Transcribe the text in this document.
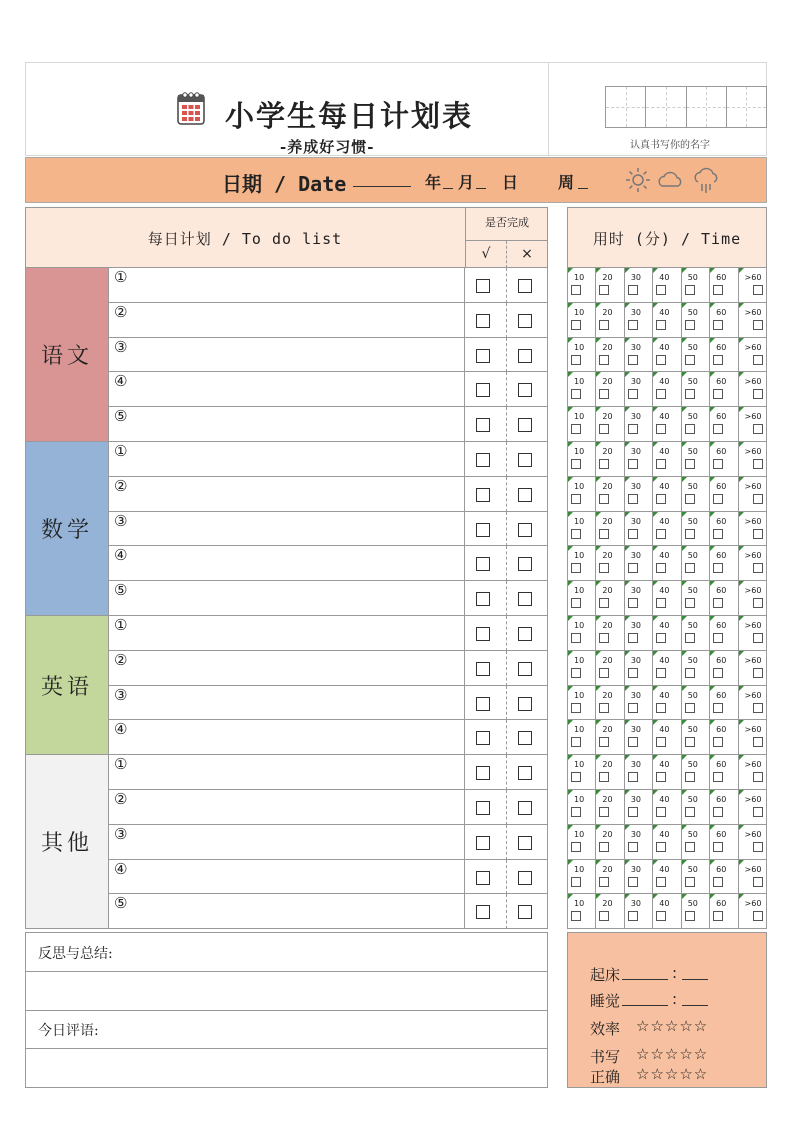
小学生每日计划表
-养成好习惯-	认真书写你的名字
日期 / Date	年 月 日 周
每日计划 / To do list
是否完成
√	×
用时 (分) / Time
语文
①	10 20 30 40 50 60 >60
②	10 20 30 40 50 60 >60
③	10 20 30 40 50 60 >60
④	10 20 30 40 50 60 >60
⑤	10 20 30 40 50 60 >60
数学
①	10 20 30 40 50 60 >60
②	10 20 30 40 50 60 >60
③	10 20 30 40 50 60 >60
④	10 20 30 40 50 60 >60
⑤	10 20 30 40 50 60 >60
英语
①	10 20 30 40 50 60 >60
②	10 20 30 40 50 60 >60
③	10 20 30 40 50 60 >60
④	10 20 30 40 50 60 >60
其他
①	10 20 30 40 50 60 >60
②	10 20 30 40 50 60 >60
③	10 20 30 40 50 60 >60
④	10 20 30 40 50 60 >60
⑤	10 20 30 40 50 60 >60
反思与总结:
今日评语:
起床	:
睡觉	:
效率 ☆☆☆☆☆
书写 ☆☆☆☆☆
正确 ☆☆☆☆☆
